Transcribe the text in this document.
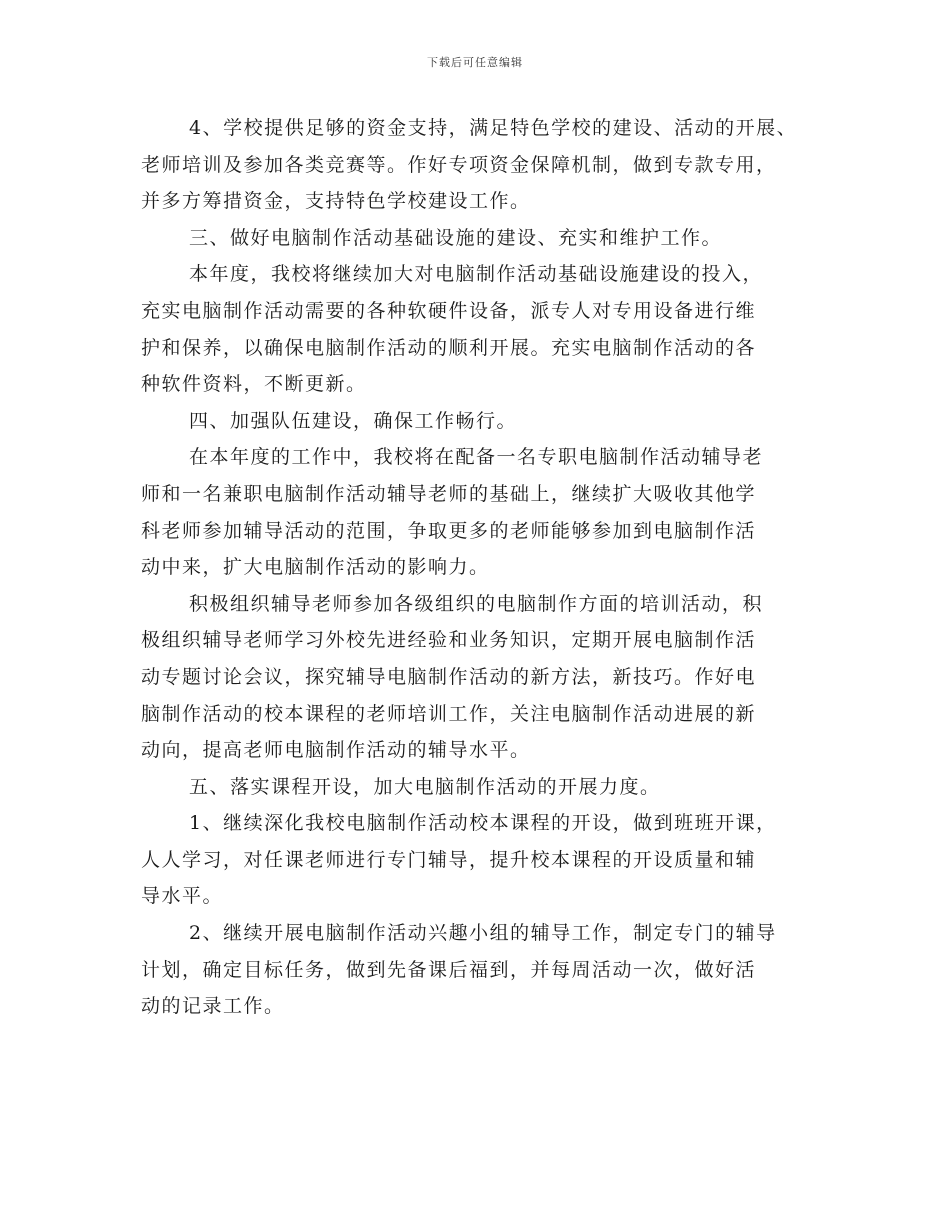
下载后可任意编辑
4、学校提供足够的资金支持，满足特色学校的建设、活动的开展、
老师培训及参加各类竞赛等。作好专项资金保障机制，做到专款专用，
并多方筹措资金，支持特色学校建设工作。
三、做好电脑制作活动基础设施的建设、充实和维护工作。
本年度，我校将继续加大对电脑制作活动基础设施建设的投入，
充实电脑制作活动需要的各种软硬件设备，派专人对专用设备进行维
护和保养，以确保电脑制作活动的顺利开展。充实电脑制作活动的各
种软件资料，不断更新。
四、加强队伍建设，确保工作畅行。
在本年度的工作中，我校将在配备一名专职电脑制作活动辅导老
师和一名兼职电脑制作活动辅导老师的基础上，继续扩大吸收其他学
科老师参加辅导活动的范围，争取更多的老师能够参加到电脑制作活
动中来，扩大电脑制作活动的影响力。
积极组织辅导老师参加各级组织的电脑制作方面的培训活动，积
极组织辅导老师学习外校先进经验和业务知识，定期开展电脑制作活
动专题讨论会议，探究辅导电脑制作活动的新方法，新技巧。作好电
脑制作活动的校本课程的老师培训工作，关注电脑制作活动进展的新
动向，提高老师电脑制作活动的辅导水平。
五、落实课程开设，加大电脑制作活动的开展力度。
1、继续深化我校电脑制作活动校本课程的开设，做到班班开课，
人人学习，对任课老师进行专门辅导，提升校本课程的开设质量和辅
导水平。
2、继续开展电脑制作活动兴趣小组的辅导工作，制定专门的辅导
计划，确定目标任务，做到先备课后福到，并每周活动一次，做好活
动的记录工作。
